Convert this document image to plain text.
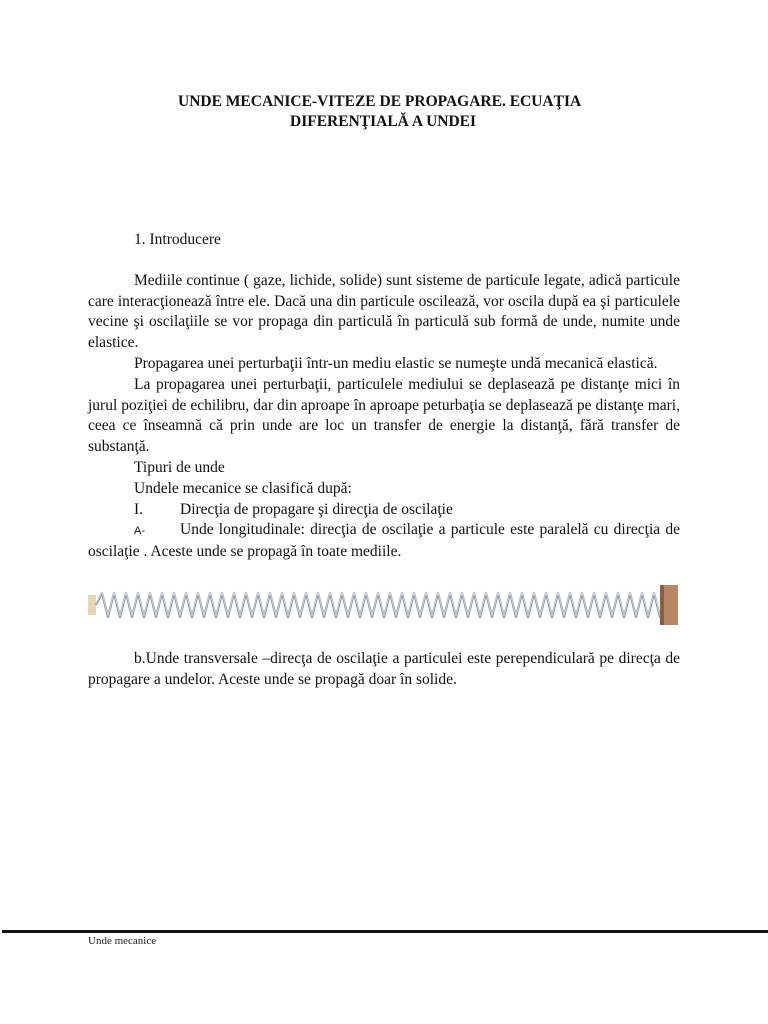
UNDE MECANICE-VITEZE DE PROPAGARE. ECUAŢIA
DIFERENŢIALĂ A UNDEI

1. Introducere

Mediile continue ( gaze, lichide, solide) sunt sisteme de particule legate, adică particule care interacţionează între ele. Dacă una din particule oscilează, vor oscila după ea şi particulele vecine şi oscilaţiile se vor propaga din particulă în particulă sub formă de unde, numite unde elastice.

Propagarea unei perturbaţii într-un mediu elastic se numeşte undă mecanică elastică.

La propagarea unei perturbaţii, particulele mediului se deplasează pe distanţe mici în jurul poziţiei de echilibru, dar din aproape în aproape peturbaţia se deplasează pe distanţe mari, ceea ce înseamnă că prin unde are loc un transfer de energie la distanţă, fără transfer de substanţă.

Tipuri de unde

Undele mecanice se clasifică după:

I.	Direcţia de propagare şi direcţia de oscilaţie

A- Unde longitudinale: direcţia de oscilaţie a particule este paralelă cu direcţia de oscilaţie . Aceste unde se propagă în toate mediile.

b.Unde transversale –direcţa de oscilaţie a particulei este perependiculară pe direcţa de propagare a undelor. Aceste unde se propagă doar în solide.

Unde mecanice
